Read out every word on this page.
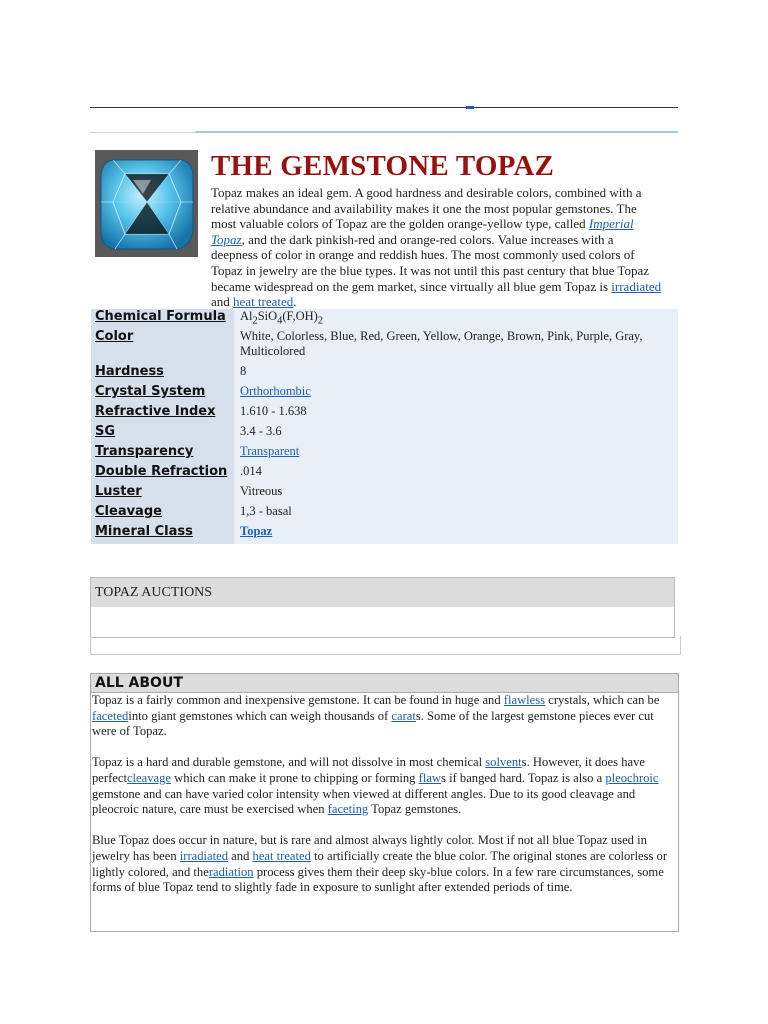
THE GEMSTONE TOPAZ

Topaz makes an ideal gem. A good hardness and desirable colors, combined with a relative abundance and availability makes it one the most popular gemstones. The most valuable colors of Topaz are the golden orange-yellow type, called Imperial Topaz, and the dark pinkish-red and orange-red colors. Value increases with a deepness of color in orange and reddish hues. The most commonly used colors of Topaz in jewelry are the blue types. It was not until this past century that blue Topaz became widespread on the gem market, since virtually all blue gem Topaz is irradiated and heat treated.

Chemical Formula	$Al_2SiO_4(F,OH)_2$
Color	White, Colorless, Blue, Red, Green, Yellow, Orange, Brown, Pink, Purple, Gray, Multicolored
Hardness	8
Crystal System	Orthorhombic
Refractive Index	1.610 - 1.638
SG	3.4 - 3.6
Transparency	Transparent
Double Refraction	.014
Luster	Vitreous
Cleavage	1,3 - basal
Mineral Class	Topaz
TOPAZ AUCTIONS
ALL ABOUT

Topaz is a fairly common and inexpensive gemstone. It can be found in huge and flawless crystals, which can be facetedinto giant gemstones which can weigh thousands of carats. Some of the largest gemstone pieces ever cut were of Topaz.

Topaz is a hard and durable gemstone, and will not dissolve in most chemical solvents. However, it does have perfectcleavage which can make it prone to chipping or forming flaws if banged hard. Topaz is also a pleochroic gemstone and can have varied color intensity when viewed at different angles. Due to its good cleavage and pleocroic nature, care must be exercised when faceting Topaz gemstones.

Blue Topaz does occur in nature, but is rare and almost always lightly color. Most if not all blue Topaz used in jewelry has been irradiated and heat treated to artificially create the blue color. The original stones are colorless or lightly colored, and theradiation process gives them their deep sky-blue colors. In a few rare circumstances, some forms of blue Topaz tend to slightly fade in exposure to sunlight after extended periods of time.
